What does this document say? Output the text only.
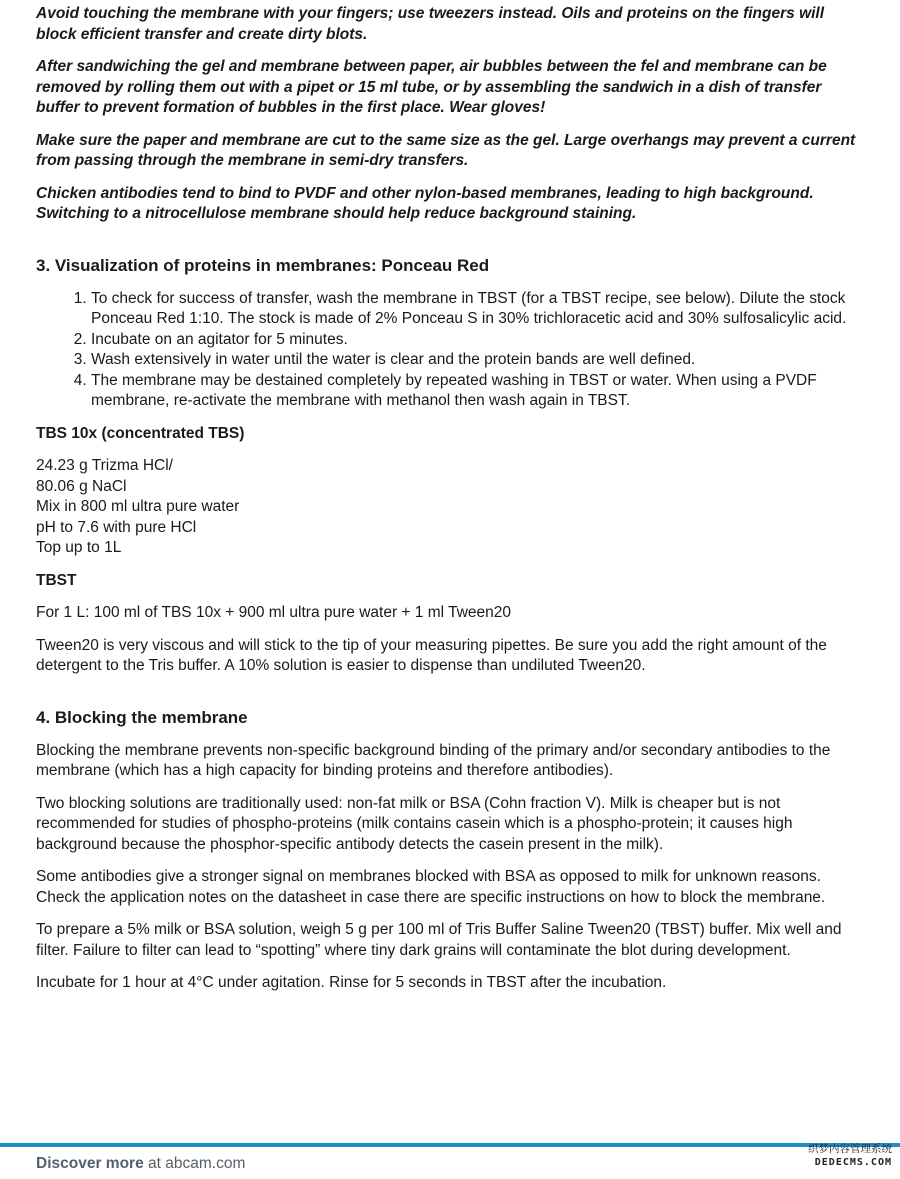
Avoid touching the membrane with your fingers; use tweezers instead. Oils and proteins on the fingers will block efficient transfer and create dirty blots.

After sandwiching the gel and membrane between paper, air bubbles between the fel and membrane can be removed by rolling them out with a pipet or 15 ml tube, or by assembling the sandwich in a dish of transfer buffer to prevent formation of bubbles in the first place. Wear gloves!

Make sure the paper and membrane are cut to the same size as the gel. Large overhangs may prevent a current from passing through the membrane in semi-dry transfers.

Chicken antibodies tend to bind to PVDF and other nylon-based membranes, leading to high background. Switching to a nitrocellulose membrane should help reduce background staining.

3. Visualization of proteins in membranes: Ponceau Red
1. To check for success of transfer, wash the membrane in TBST (for a TBST recipe, see below). Dilute the stock Ponceau Red 1:10. The stock is made of 2% Ponceau S in 30% trichloracetic acid and 30% sulfosalicylic acid.
2. Incubate on an agitator for 5 minutes.
3. Wash extensively in water until the water is clear and the protein bands are well defined.
4. The membrane may be destained completely by repeated washing in TBST or water. When using a PVDF membrane, re-activate the membrane with methanol then wash again in TBST.
TBS 10x (concentrated TBS)
24.23 g Trizma HCl/
80.06 g NaCl
Mix in 800 ml ultra pure water
pH to 7.6 with pure HCl
Top up to 1L
TBST

For 1 L: 100 ml of TBS 10x + 900 ml ultra pure water + 1 ml Tween20

Tween20 is very viscous and will stick to the tip of your measuring pipettes. Be sure you add the right amount of the detergent to the Tris buffer. A 10% solution is easier to dispense than undiluted Tween20.

4. Blocking the membrane

Blocking the membrane prevents non-specific background binding of the primary and/or secondary antibodies to the membrane (which has a high capacity for binding proteins and therefore antibodies).

Two blocking solutions are traditionally used: non-fat milk or BSA (Cohn fraction V). Milk is cheaper but is not recommended for studies of phospho-proteins (milk contains casein which is a phospho-protein; it causes high background because the phosphor-specific antibody detects the casein present in the milk).

Some antibodies give a stronger signal on membranes blocked with BSA as opposed to milk for unknown reasons. Check the application notes on the datasheet in case there are specific instructions on how to block the membrane.

To prepare a 5% milk or BSA solution, weigh 5 g per 100 ml of Tris Buffer Saline Tween20 (TBST) buffer. Mix well and filter. Failure to filter can lead to “spotting” where tiny dark grains will contaminate the blot during development.

Incubate for 1 hour at 4°C under agitation. Rinse for 5 seconds in TBST after the incubation.

Discover more at abcam.com
织梦内容管理系统
DEDECMS.COM
